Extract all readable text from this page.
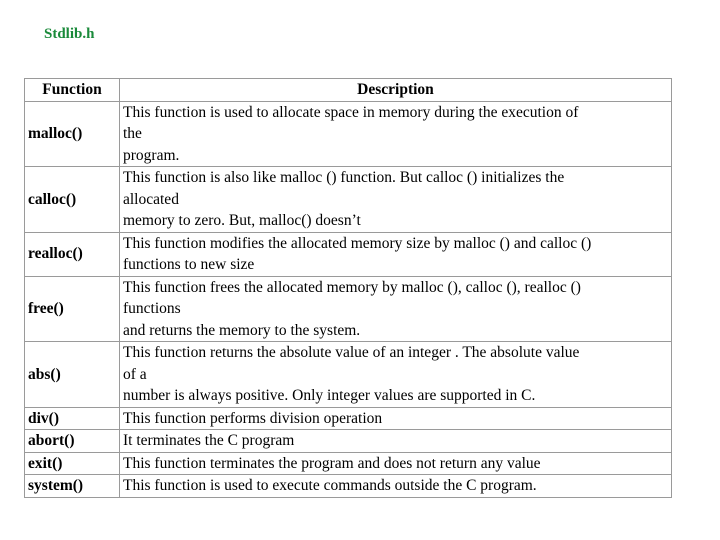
Stdlib.h
Function	Description
malloc()	This function is used to allocate space in memory during the execution of
the
program.
calloc()	This function is also like malloc () function. But calloc () initializes the
allocated
memory to zero. But, malloc() doesn’t
realloc()	This function modifies the allocated memory size by malloc () and calloc ()
functions to new size
free()	This function frees the allocated memory by malloc (), calloc (), realloc ()
functions
and returns the memory to the system.
abs()	This function returns the absolute value of an integer . The absolute value
of a
number is always positive. Only integer values are supported in C.
div()	This function performs division operation
abort()	It terminates the C program
exit()	This function terminates the program and does not return any value
system()	This function is used to execute commands outside the C program.
